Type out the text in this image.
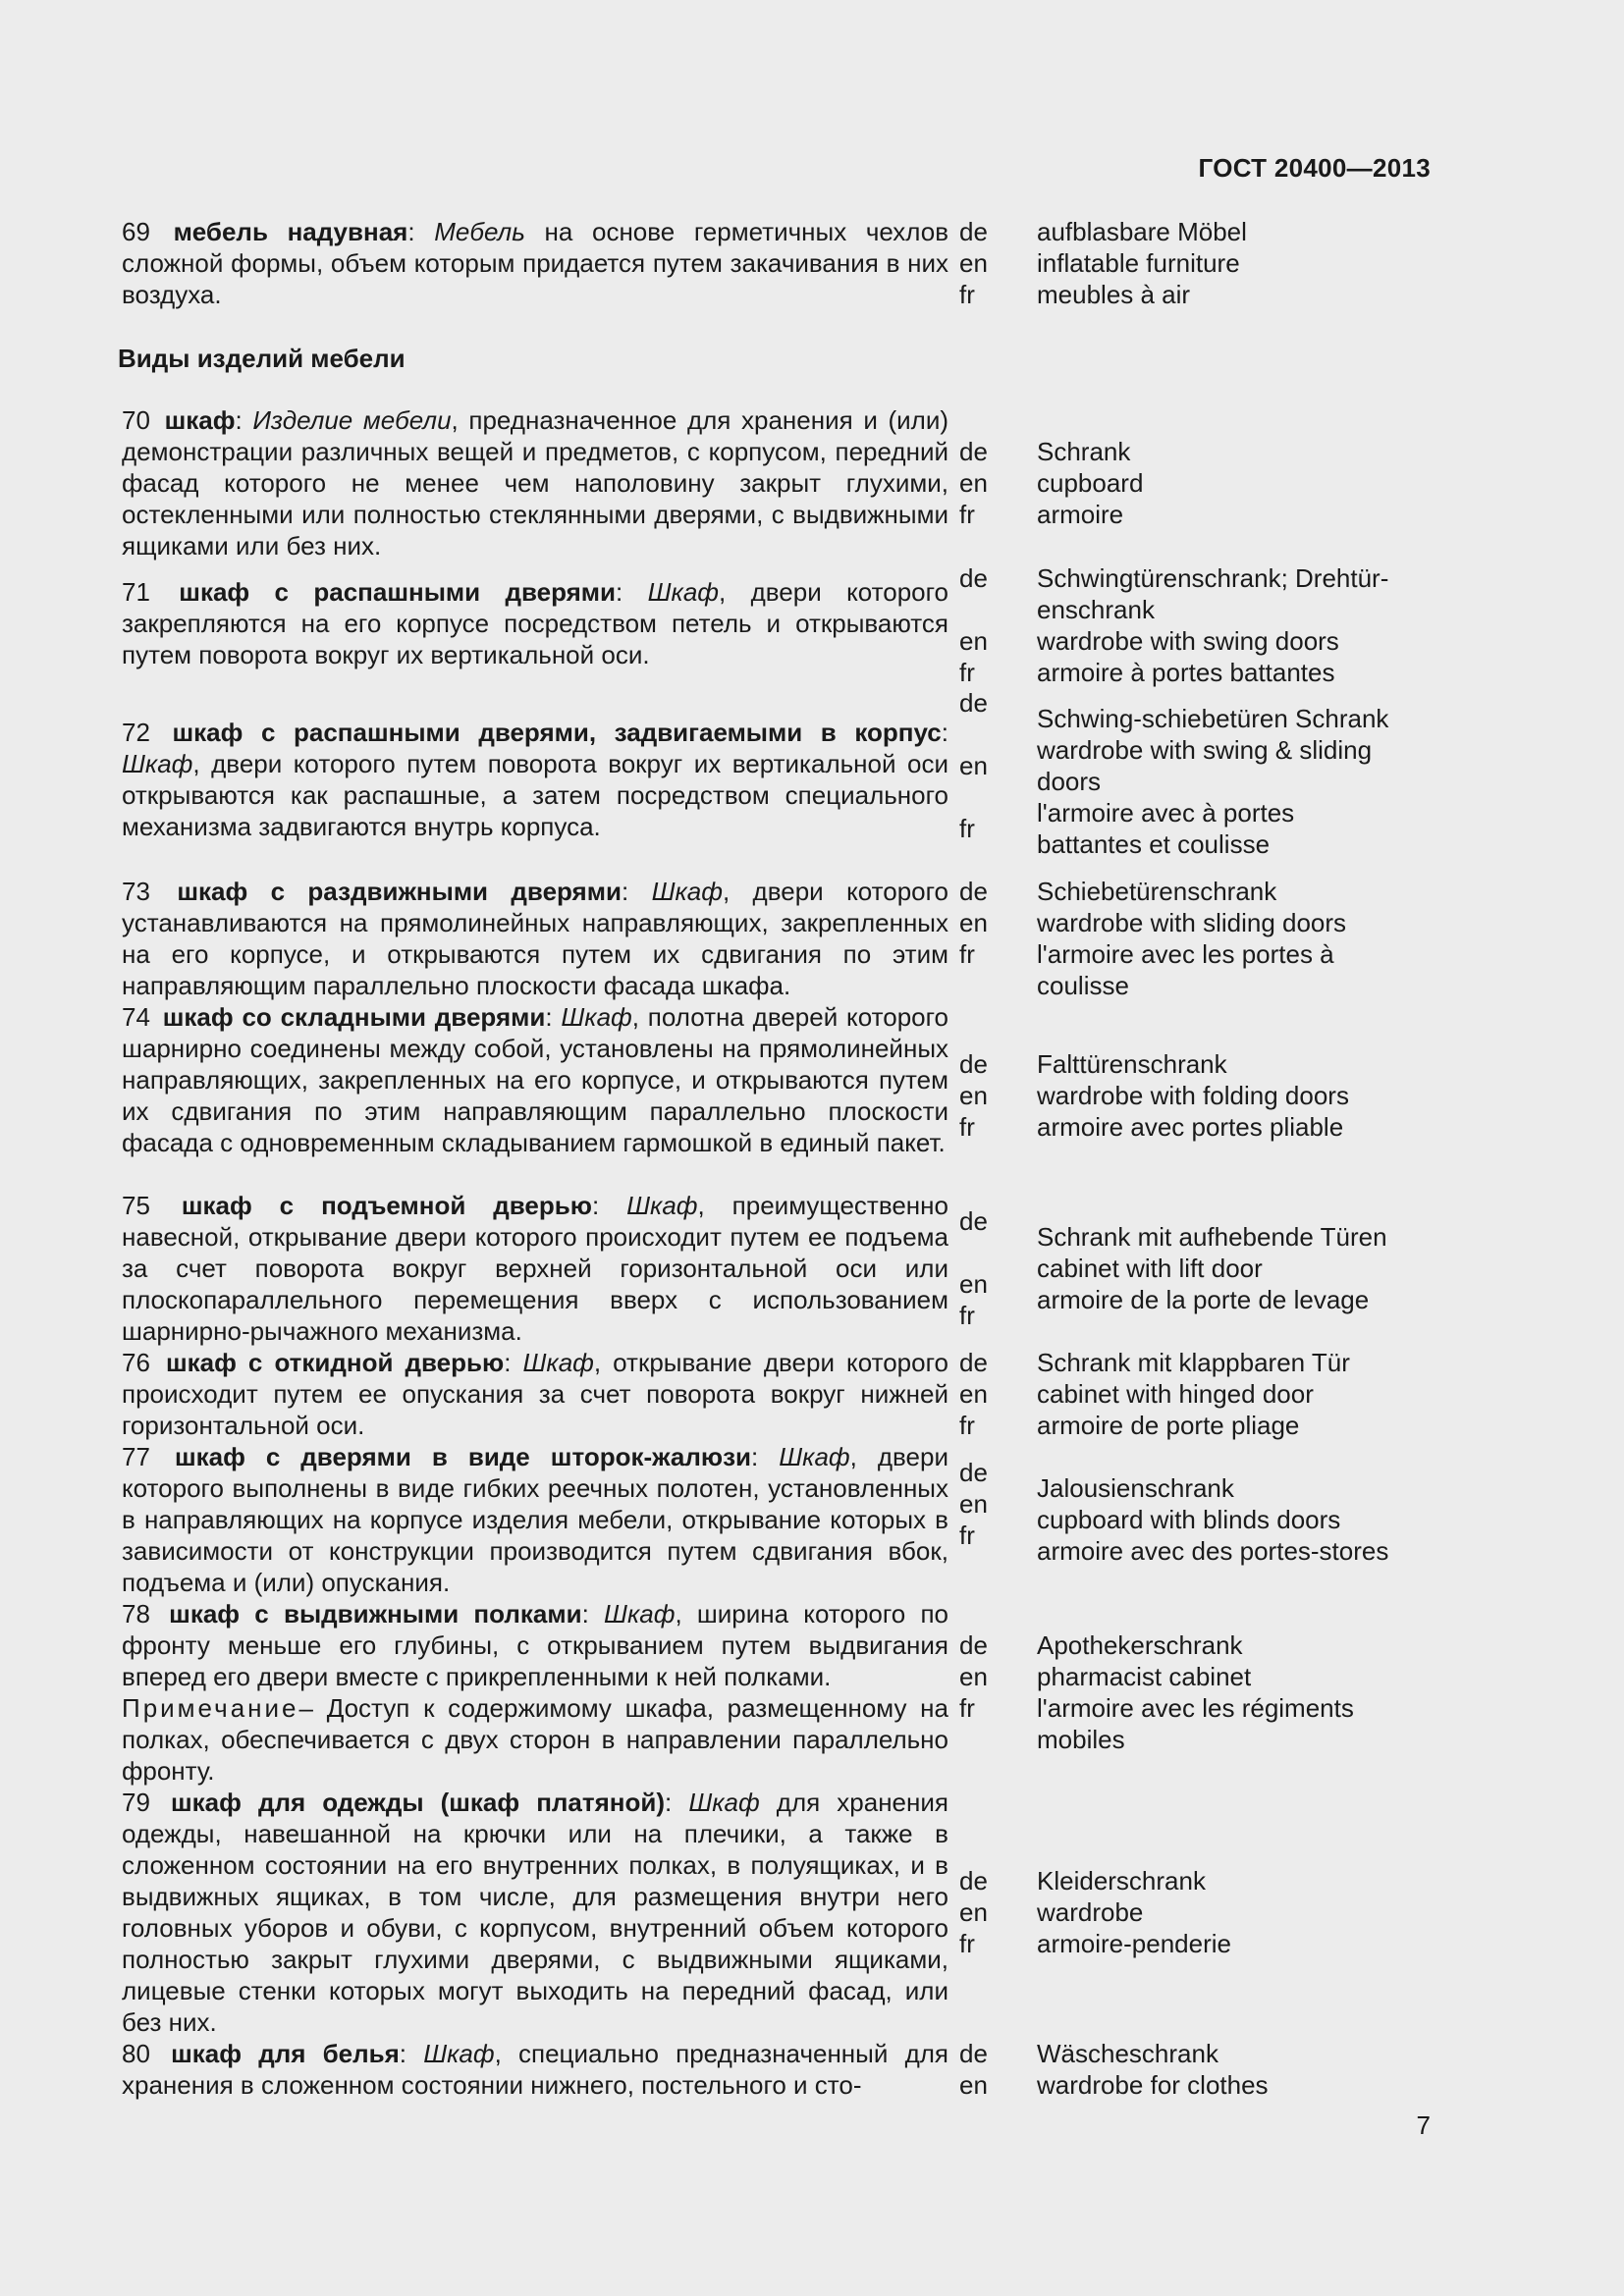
ГОСТ 20400—2013
69 мебель надувная: Мебель на основе герметичных чехлов сложной формы, объем которым придается путем закачивания в них воздуха.
de
en
fr
aufblasbare Möbel
inflatable furniture
meubles à air
Виды изделий мебели
70 шкаф: Изделие мебели, предназначенное для хранения и (или) демонстрации различных вещей и предметов, с корпусом, передний фасад которого не менее чем наполовину закрыт глухими, остекленными или полностью стеклянными дверями, с выдвижными ящиками или без них.
de
en
fr
Schrank
cupboard
armoire
71 шкаф с распашными дверями: Шкаф, двери которого закрепляются на его корпусе посредством петель и открываются путем поворота вокруг их вертикальной оси.
de
en
fr
Schwingtürenschrank; Drehtür-enschrank
wardrobe with swing doors
armoire à portes battantes
72 шкаф с распашными дверями, задвигаемыми в корпус: Шкаф, двери которого путем поворота вокруг их вертикальной оси открываются как распашные, а затем посредством специального механизма задвигаются внутрь корпуса.
de
en
fr
Schwing-schiebetüren Schrank
wardrobe with swing & sliding doors
l'armoire avec à portes battantes et coulisse
73 шкаф с раздвижными дверями: Шкаф, двери которого устанавливаются на прямолинейных направляющих, закрепленных на его корпусе, и открываются путем их сдвигания по этим направляющим параллельно плоскости фасада шкафа.
de
en
fr
Schiebetürenschrank
wardrobe with sliding doors
l'armoire avec les portes à coulisse
74 шкаф со складными дверями: Шкаф, полотна дверей которого шарнирно соединены между собой, установлены на прямолинейных направляющих, закрепленных на его корпусе, и открываются путем их сдвигания по этим направляющим параллельно плоскости фасада с одновременным складыванием гармошкой в единый пакет.
de
en
fr
Falttürenschrank
wardrobe with folding doors
armoire avec portes pliable
75 шкаф с подъемной дверью: Шкаф, преимущественно навесной, открывание двери которого происходит путем ее подъема за счет поворота вокруг верхней горизонтальной оси или плоскопараллельного перемещения вверх с использованием шарнирно-рычажного механизма.
de
en
fr
Schrank mit aufhebende Türen
cabinet with lift door
armoire de la porte de levage
76 шкаф с откидной дверью: Шкаф, открывание двери которого происходит путем ее опускания за счет поворота вокруг нижней горизонтальной оси.
de
en
fr
Schrank mit klappbaren Tür
cabinet with hinged door
armoire de porte pliage
77 шкаф с дверями в виде шторок-жалюзи: Шкаф, двери которого выполнены в виде гибких реечных полотен, установленных в направляющих на корпусе изделия мебели, открывание которых в зависимости от конструкции производится путем сдвигания вбок, подъема и (или) опускания.
de
en
fr
Jalousienschrank
cupboard with blinds doors
armoire avec des portes-stores
78 шкаф с выдвижными полками: Шкаф, ширина которого по фронту меньше его глубины, с открыванием путем выдвигания вперед его двери вместе с прикрепленными к ней полками.
Примечание– Доступ к содержимому шкафа, размещенному на полках, обеспечивается с двух сторон в направлении параллельно фронту.
de
en
fr
Apothekerschrank
pharmacist cabinet
l'armoire avec les régiments mobiles
79 шкаф для одежды (шкаф платяной): Шкаф для хранения одежды, навешанной на крючки или на плечики, а также в сложенном состоянии на его внутренних полках, в полуящиках, и в выдвижных ящиках, в том числе, для размещения внутри него головных уборов и обуви, с корпусом, внутренний объем которого полностью закрыт глухими дверями, с выдвижными ящиками, лицевые стенки которых могут выходить на передний фасад, или без них.
de
en
fr
Kleiderschrank
wardrobe
armoire-penderie
80 шкаф для белья: Шкаф, специально предназначенный для хранения в сложенном состоянии нижнего, постельного и сто-
de
en
Wäscheschrank
wardrobe for clothes
7
